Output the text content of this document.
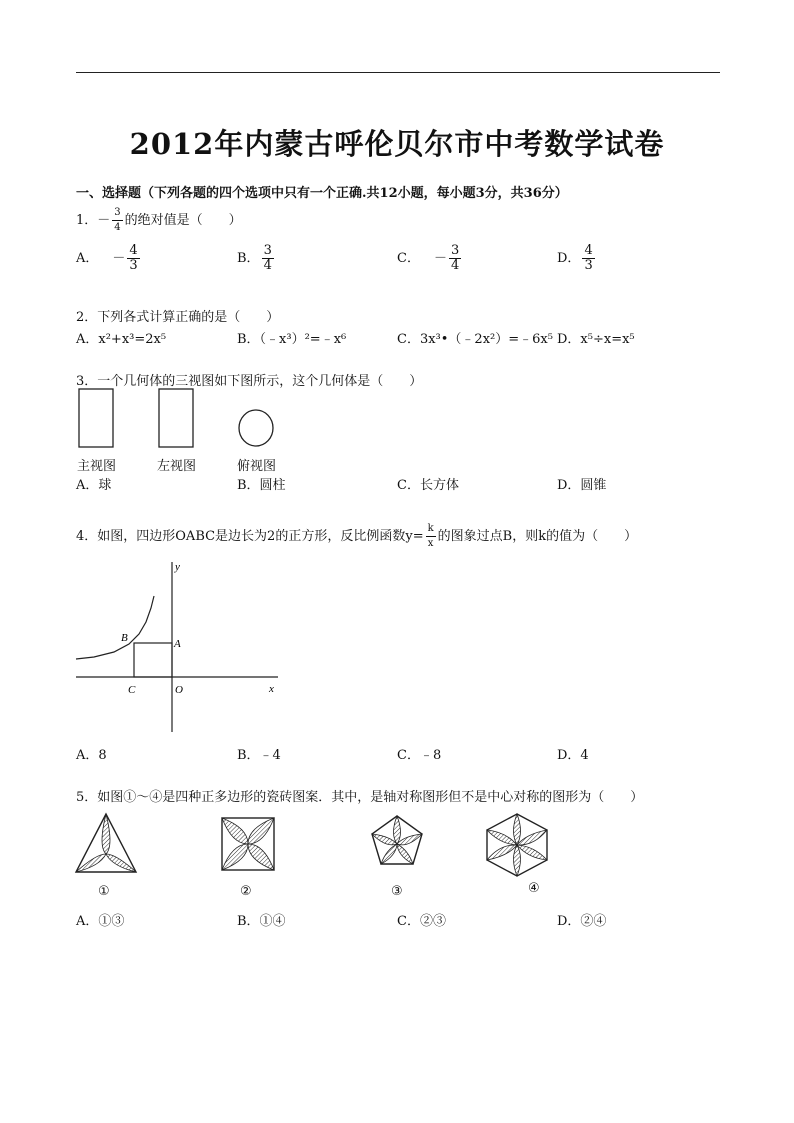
2012年内蒙古呼伦贝尔市中考数学试卷
一、选择题（下列各题的四个选项中只有一个正确.共12小题，每小题3分，共36分）
1．－ $\frac{3}{4}$ 的绝对值是（　　）
A． － $\frac{4}{3}$	B． $\frac{3}{4}$	C． － $\frac{3}{4}$	D． $\frac{4}{3}$
2．下列各式计算正确的是（　　）
A．x²+x³=2x⁵	B．（﹣x³）²=﹣x⁶	C．3x³•（﹣2x²）=﹣6x⁵ D．x⁵÷x=x⁵
3．一个几何体的三视图如下图所示，这个几何体是（　　）
主视图	左视图	俯视图
A．球	B．圆柱	C．长方体	D．圆锥
4．如图，四边形OABC是边长为2的正方形，反比例函数$y= \frac{k}{x}$ 的图象过点B，则k的值为（　　）
y
x
B	A
C	O
A．8	B．﹣4	C．﹣8	D．4
5．如图①～④是四种正多边形的瓷砖图案．其中，是轴对称图形但不是中心对称的图形为（　　）
①	②	③	④
A．①③	B．①④	C．②③	D．②④
